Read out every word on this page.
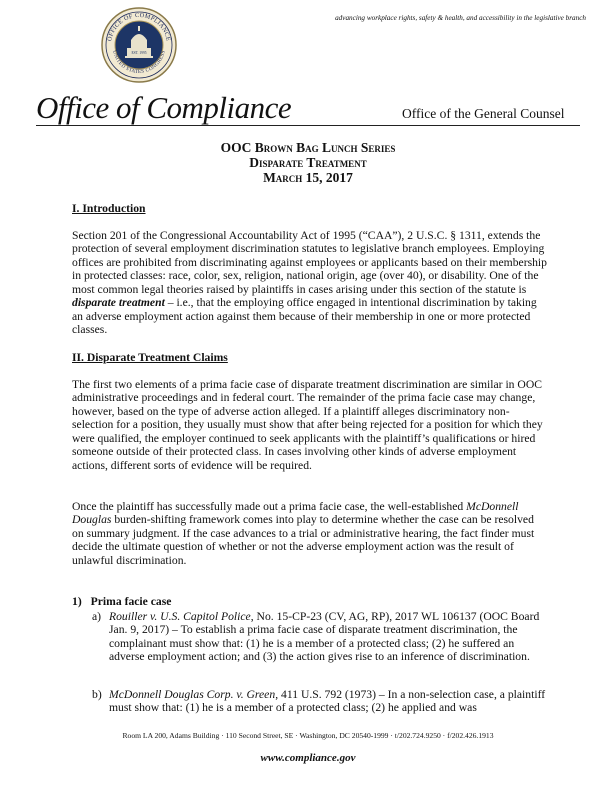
advancing workplace rights, safety & health, and accessibility in the legislative branch
OFFICE OF COMPLIANCE
UNITED STATES CONGRESS
EST. 1995
Office of Compliance	Office of the General Counsel
OOC Brown Bag Lunch Series
Disparate Treatment
March 15, 2017
I. Introduction

Section 201 of the Congressional Accountability Act of 1995 (“CAA”), 2 U.S.C. § 1311, extends the protection of several employment discrimination statutes to legislative branch employees. Employing offices are prohibited from discriminating against employees or applicants based on their membership in protected classes: race, color, sex, religion, national origin, age (over 40), or disability. One of the most common legal theories raised by plaintiffs in cases arising under this section of the statute is disparate treatment – i.e., that the employing office engaged in intentional discrimination by taking an adverse employment action against them because of their membership in one or more protected classes.

II. Disparate Treatment Claims

The first two elements of a prima facie case of disparate treatment discrimination are similar in OOC administrative proceedings and in federal court. The remainder of the prima facie case may change, however, based on the type of adverse action alleged. If a plaintiff alleges discriminatory non-selection for a position, they usually must show that after being rejected for a position for which they were qualified, the employer continued to seek applicants with the plaintiff’s qualifications or hired someone outside of their protected class. In cases involving other kinds of adverse employment actions, different sorts of evidence will be required.

Once the plaintiff has successfully made out a prima facie case, the well-established McDonnell Douglas burden-shifting framework comes into play to determine whether the case can be resolved on summary judgment. If the case advances to a trial or administrative hearing, the fact finder must decide the ultimate question of whether or not the adverse employment action was the result of unlawful discrimination.

1) Prima facie case
a) Rouiller v. U.S. Capitol Police, No. 15-CP-23 (CV, AG, RP), 2017 WL 106137 (OOC Board Jan. 9, 2017) – To establish a prima facie case of disparate treatment discrimination, the complainant must show that: (1) he is a member of a protected class; (2) he suffered an adverse employment action; and (3) the action gives rise to an inference of discrimination.
b) McDonnell Douglas Corp. v. Green, 411 U.S. 792 (1973) – In a non-selection case, a plaintiff must show that: (1) he is a member of a protected class; (2) he applied and was
Room LA 200, Adams Building · 110 Second Street, SE · Washington, DC 20540-1999 · t/202.724.9250 · f/202.426.1913
www.compliance.gov
